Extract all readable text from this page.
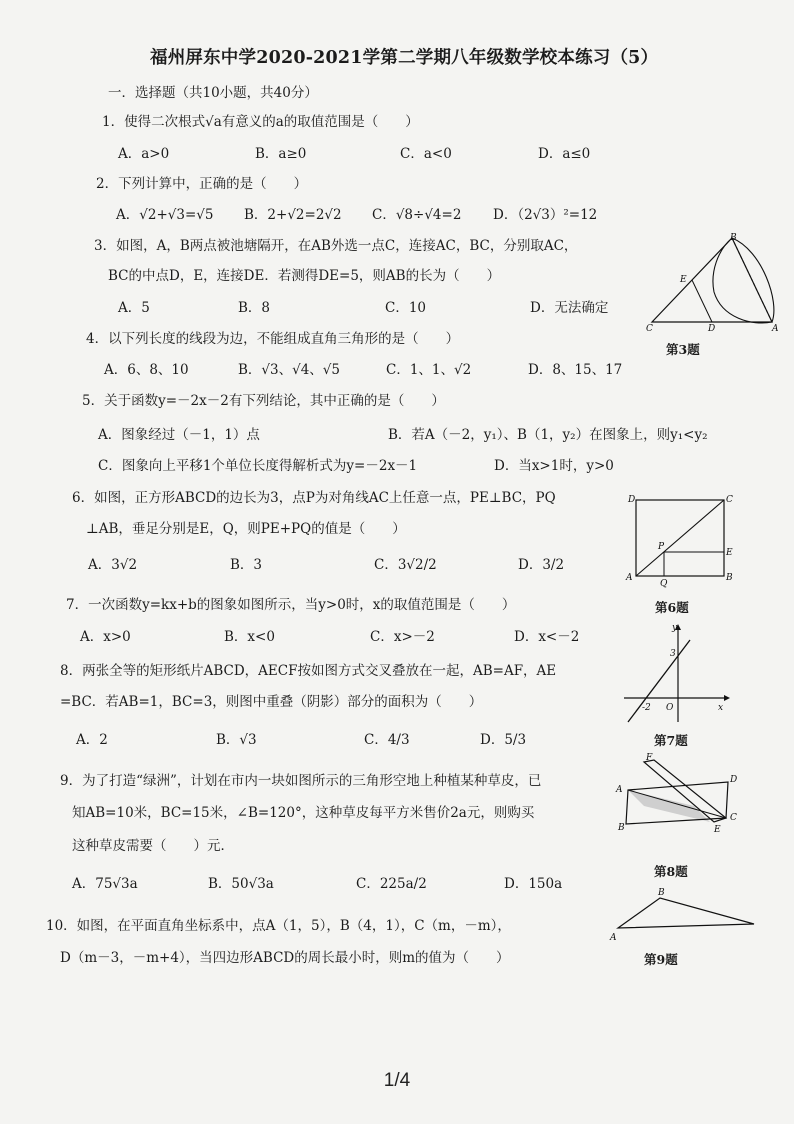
福州屏东中学2020-2021学第二学期八年级数学校本练习（5）
一．选择题（共10小题，共40分）
1．使得二次根式√a有意义的a的取值范围是（　　）
A．a>0	B．a≥0	C．a<0	D．a≤0
2．下列计算中，正确的是（　　）
A．√2+√3=√5 B．2+√2=2√2 C．√8÷√4=2 D．（2√3）²=12
3．如图，A，B两点被池塘隔开，在AB外选一点C，连接AC，BC，分别取AC，
BC的中点D，E，连接DE．若测得DE=5，则AB的长为（　　）
A．5	B．8	C．10	D．无法确定
4．以下列长度的线段为边，不能组成直角三角形的是（　　）
A．6、8、10	B．√3、√4、√5	C．1、1、√2	D．8、15、17
5．关于函数y=－2x－2有下列结论，其中正确的是（　　）
A．图象经过（－1，1）点	B．若A（－2，y₁）、B（1，y₂）在图象上，则y₁<y₂
C．图象向上平移1个单位长度得解析式为y=－2x－1	D．当x>1时，y>0
6．如图，正方形ABCD的边长为3，点P为对角线AC上任意一点，PE⊥BC，PQ
⊥AB，垂足分别是E，Q，则PE+PQ的值是（　　）
A．3√2	B．3	C．3√2/2	D．3/2
7．一次函数y=kx+b的图象如图所示，当y>0时，x的取值范围是（　　）
A．x>0	B．x<0	C．x>－2	D．x<－2
8．两张全等的矩形纸片ABCD，AECF按如图方式交叉叠放在一起，AB=AF，AE
=BC．若AB=1，BC=3，则图中重叠（阴影）部分的面积为（　　）
A．2	B．√3	C．4/3	D．5/3
9．为了打造“绿洲”，计划在市内一块如图所示的三角形空地上种植某种草皮，已
知AB=10米，BC=15米，∠B=120°，这种草皮每平方米售价2a元，则购买
这种草皮需要（　　）元．
A．75√3a	B．50√3a	C．225a/2	D．150a
10．如图，在平面直角坐标系中，点A（1，5），B（4，1），C（m，－m），
D（m－3，－m+4），当四边形ABCD的周长最小时，则m的值为（　　）
B
E
C	D	A
第3题
D	C
P
E
A
Q
B
第6题
y
3
-2 O	x
第7题
F
D
A
B	E
C
第8题
B
A
第9题
1/4
